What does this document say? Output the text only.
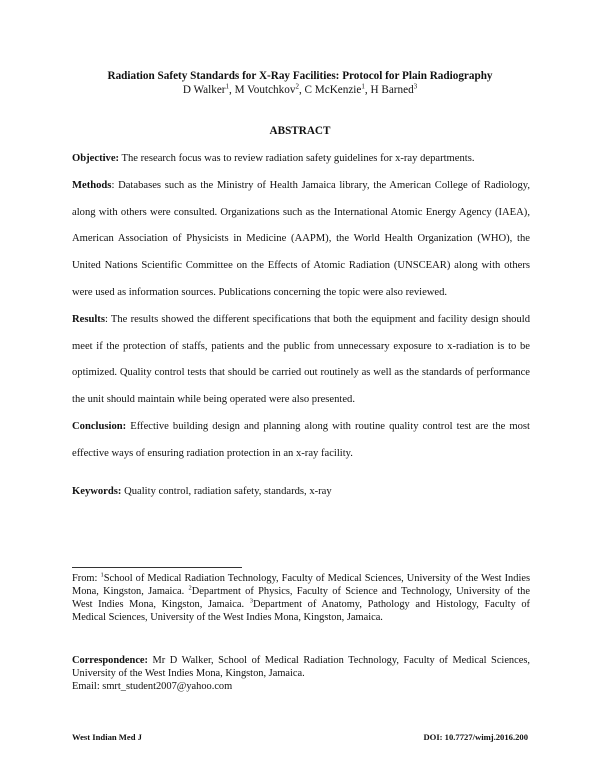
Radiation Safety Standards for X-Ray Facilities: Protocol for Plain Radiography
D Walker$^1$, M Voutchkov$^2$, C McKenzie$^1$, H Barned$^3$
ABSTRACT

Objective: The research focus was to review radiation safety guidelines for x-ray departments.

Methods: Databases such as the Ministry of Health Jamaica library, the American College of Radiology, along with others were consulted. Organizations such as the International Atomic Energy Agency (IAEA), American Association of Physicists in Medicine (AAPM), the World Health Organization (WHO), the United Nations Scientific Committee on the Effects of Atomic Radiation (UNSCEAR) along with others were used as information sources. Publications concerning the topic were also reviewed.

Results: The results showed the different specifications that both the equipment and facility design should meet if the protection of staffs, patients and the public from unnecessary exposure to x-radiation is to be optimized. Quality control tests that should be carried out routinely as well as the standards of performance the unit should maintain while being operated were also presented.

Conclusion: Effective building design and planning along with routine quality control test are the most effective ways of ensuring radiation protection in an x-ray facility.

Keywords: Quality control, radiation safety, standards, x-ray

From: $^1$School of Medical Radiation Technology, Faculty of Medical Sciences, University of the West Indies Mona, Kingston, Jamaica. $^2$Department of Physics, Faculty of Science and Technology, University of the West Indies Mona, Kingston, Jamaica. $^3$Department of Anatomy, Pathology and Histology, Faculty of Medical Sciences, University of the West Indies Mona, Kingston, Jamaica.
Correspondence: Mr D Walker, School of Medical Radiation Technology, Faculty of Medical Sciences, University of the West Indies Mona, Kingston, Jamaica.
Email: smrt_student2007@yahoo.com
West Indian Med J	DOI: 10.7727/wimj.2016.200
